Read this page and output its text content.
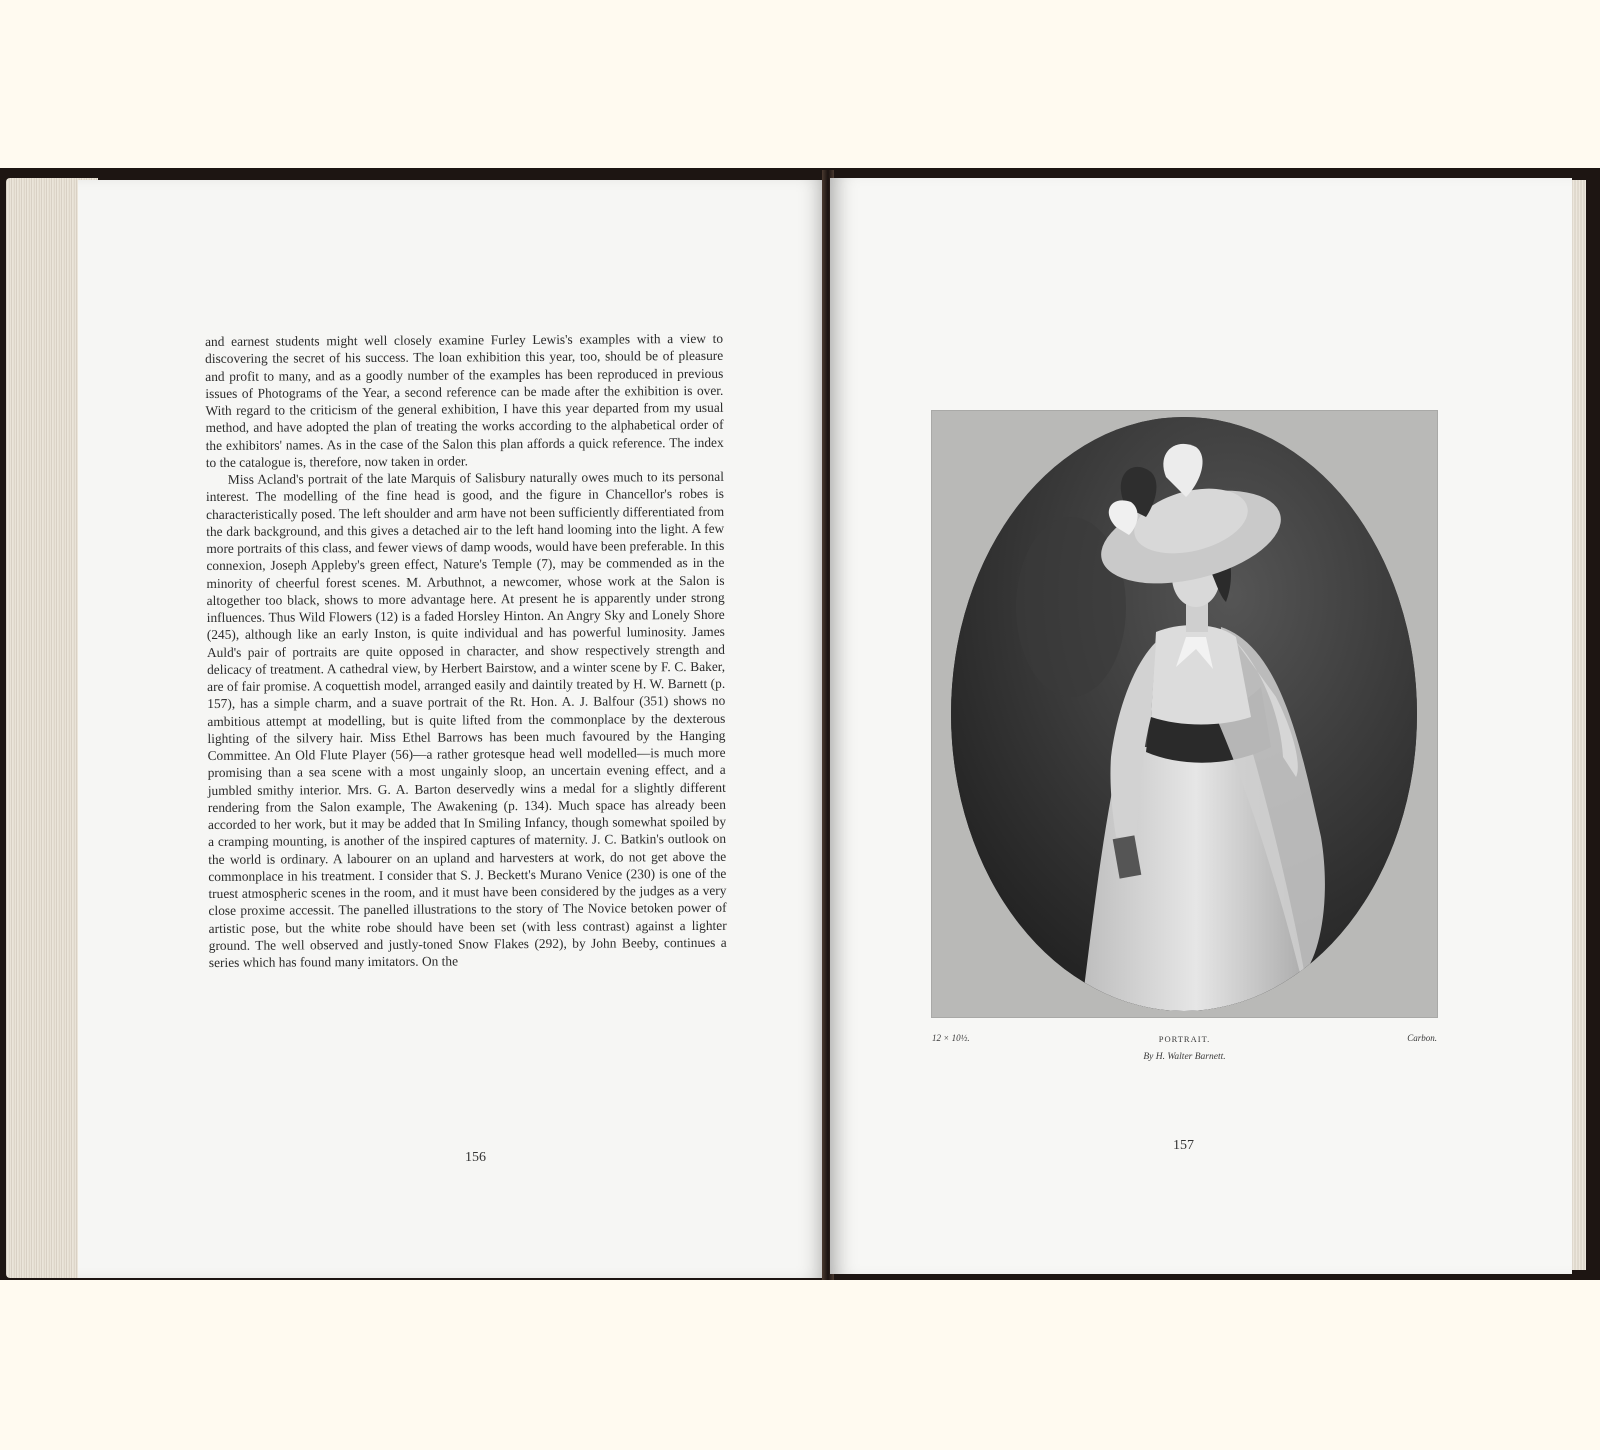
and earnest students might well closely examine Furley Lewis's examples with a view to discovering the secret of his success. The loan exhibition this year, too, should be of pleasure and profit to many, and as a goodly number of the examples has been reproduced in previous issues of Photograms of the Year, a second reference can be made after the exhibition is over. With regard to the criticism of the general exhibition, I have this year departed from my usual method, and have adopted the plan of treating the works according to the alphabetical order of the exhibitors' names. As in the case of the Salon this plan affords a quick reference. The index to the catalogue is, therefore, now taken in order.

Miss Acland's portrait of the late Marquis of Salisbury naturally owes much to its personal interest. The modelling of the fine head is good, and the figure in Chancellor's robes is characteristically posed. The left shoulder and arm have not been sufficiently differentiated from the dark background, and this gives a detached air to the left hand looming into the light. A few more portraits of this class, and fewer views of damp woods, would have been preferable. In this connexion, Joseph Appleby's green effect, Nature's Temple (7), may be commended as in the minority of cheerful forest scenes. M. Arbuthnot, a newcomer, whose work at the Salon is altogether too black, shows to more advantage here. At present he is apparently under strong influences. Thus Wild Flowers (12) is a faded Horsley Hinton. An Angry Sky and Lonely Shore (245), although like an early Inston, is quite individual and has powerful luminosity. James Auld's pair of portraits are quite opposed in character, and show respectively strength and delicacy of treatment. A cathedral view, by Herbert Bairstow, and a winter scene by F. C. Baker, are of fair promise. A coquettish model, arranged easily and daintily treated by H. W. Barnett (p. 157), has a simple charm, and a suave portrait of the Rt. Hon. A. J. Balfour (351) shows no ambitious attempt at modelling, but is quite lifted from the commonplace by the dexterous lighting of the silvery hair. Miss Ethel Barrows has been much favoured by the Hanging Committee. An Old Flute Player (56)—a rather grotesque head well modelled—is much more promising than a sea scene with a most ungainly sloop, an uncertain evening effect, and a jumbled smithy interior. Mrs. G. A. Barton deservedly wins a medal for a slightly different rendering from the Salon example, The Awakening (p. 134). Much space has already been accorded to her work, but it may be added that In Smiling Infancy, though somewhat spoiled by a cramping mounting, is another of the inspired captures of maternity. J. C. Batkin's outlook on the world is ordinary. A labourer on an upland and harvesters at work, do not get above the commonplace in his treatment. I consider that S. J. Beckett's Murano Venice (230) is one of the truest atmospheric scenes in the room, and it must have been considered by the judges as a very close proxime accessit. The panelled illustrations to the story of The Novice betoken power of artistic pose, but the white robe should have been set (with less contrast) against a lighter ground. The well observed and justly-toned Snow Flakes (292), by John Beeby, continues a series which has found many imitators. On the

156
12 × 10½.	PORTRAIT.	Carbon.
By H. Walter Barnett.
157
